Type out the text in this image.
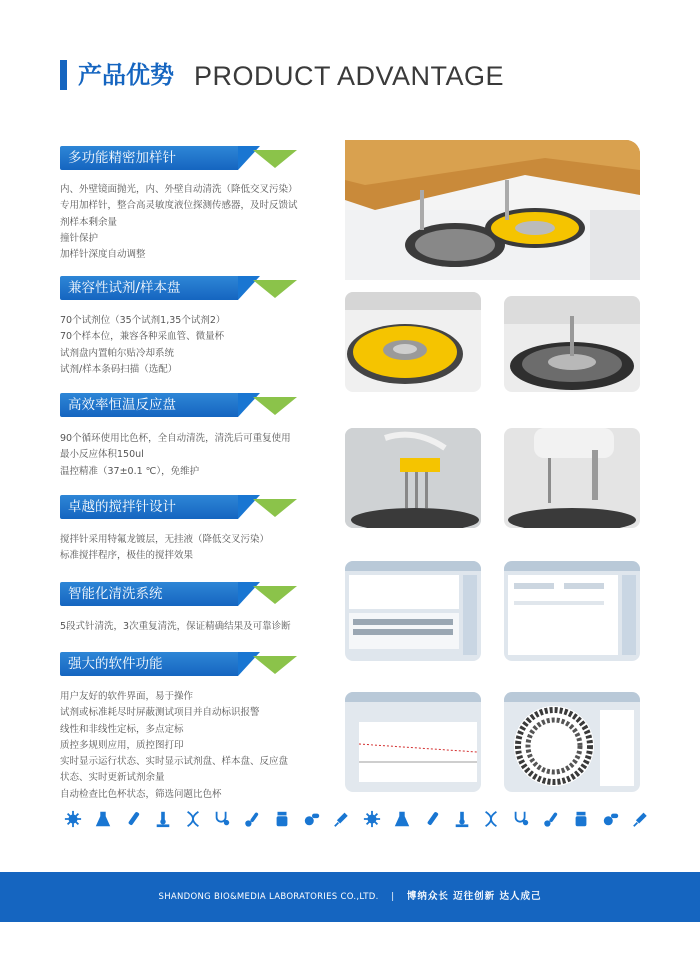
产品优势 PRODUCT ADVANTAGE
多功能精密加样针
内、外壁镜面抛光，内、外壁自动清洗（降低交叉污染）
专用加样针，整合高灵敏度液位探测传感器，及时反馈试
剂样本剩余量
撞针保护
加样针深度自动调整
兼容性试剂/样本盘
70个试剂位（35个试剂1,35个试剂2）
70个样本位，兼容各种采血管、微量杯
试剂盘内置帕尔贴冷却系统
试剂/样本条码扫描（选配）
高效率恒温反应盘
90个循环使用比色杯，全自动清洗，清洗后可重复使用
最小反应体积150ul
温控精准（37±0.1 ℃），免维护
卓越的搅拌针设计
搅拌针采用特氟龙镀层，无挂液（降低交叉污染）
标准搅拌程序，极佳的搅拌效果
智能化清洗系统
5段式针清洗，3次重复清洗，保证精确结果及可靠诊断
强大的软件功能
用户友好的软件界面，易于操作
试剂或标准耗尽时屏蔽测试项目并自动标识报警
线性和非线性定标，多点定标
质控多规则应用，质控图打印
实时显示运行状态、实时显示试剂盘、样本盘、反应盘
状态、实时更新试剂余量
自动检查比色杯状态，筛选问题比色杯
SHANDONG BIO&MEDIA LABORATORIES CO.,LTD. | 博纳众长 迈往创新 达人成己
